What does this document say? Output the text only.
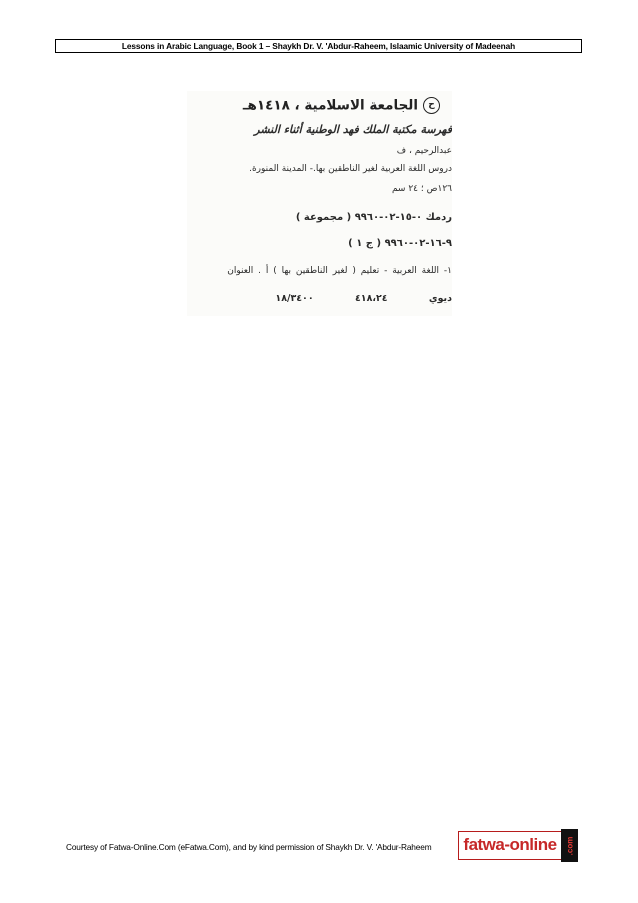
Lessons in Arabic Language, Book 1 – Shaykh Dr. V. 'Abdur-Raheem, Islaamic University of Madeenah
حالجامعة الاسلامية ، ١٤١٨هـ
فهرسة مكتبة الملك فهد الوطنية أثناء النشر
عبدالرحيم ، ف
دروس اللغة العربية لغير الناطقين بها.- المدينة المنورة.
١٢٦ص ؛ ٢٤ سم
ردمك ٠-١٥-٠٢-٩٩٦٠ ( مجموعة )
٩-١٦-٠٢-٩٩٦٠ ( ج ١ )
١- اللغة العربية - تعليم ( لغير الناطقين بها ) أ . العنوان
ديوي ٤١٨،٢٤ ١٨/٣٤٠٠
Courtesy of Fatwa-Online.Com (eFatwa.Com), and by kind permission of Shaykh Dr. V. 'Abdur-Raheem	fatwa-online	.com
